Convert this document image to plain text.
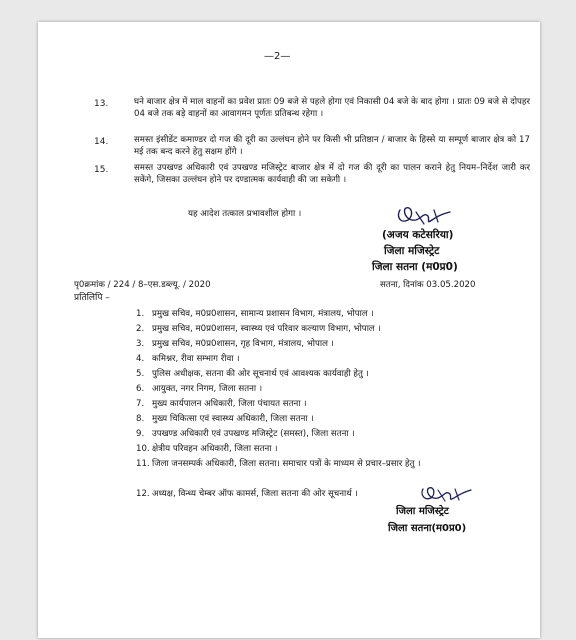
—2—
13.	घने बाजार क्षेत्र में माल वाहनों का प्रवेश प्रातः 09 बजे से पहले होगा एवं निकासी 04 बजे के बाद होगा । प्रातः 09 बजे से दोपहर 04 बजे तक बड़े वाहनों का आवागमन पूर्णतः प्रतिबन्ध रहेगा ।
14.	समस्त इंसीडेंट कमाण्डर दो गज की दूरी का उल्लंघन होने पर किसी भी प्रतिष्ठान / बाजार के हिस्से या सम्पूर्ण बाजार क्षेत्र को 17 मई तक बन्द करने हेतु सक्षम होंगे ।
15.	समस्त उपखण्ड अधिकारी एवं उपखण्ड मजिस्ट्रेट बाजार क्षेत्र में दो गज की दूरी का पालन कराने हेतु नियम–निर्देश जारी कर सकेंगे, जिसका उल्लंघन होने पर दण्डात्मक कार्यवाही की जा सकेगी ।
यह आदेश तत्काल प्रभावशील होगा ।
(अजय कटेसरिया)
जिला मजिस्ट्रेट
जिला सतना (म0प्र0)
पृ0क्रमांक / 224 / 8–एस.डब्ल्यू. / 2020	सतना, दिनांक 03.05.2020
प्रतिलिपि –
1. प्रमुख सचिव, म0प्र0शासन, सामान्य प्रशासन विभाग, मंत्रालय, भोपाल ।
2. प्रमुख सचिव, म0प्र0शासन, स्वास्थ्य एवं परिवार कल्याण विभाग, भोपाल ।
3. प्रमुख सचिव, म0प्र0शासन, गृह विभाग, मंत्रालय, भोपाल ।
4. कमिश्नर, रीवा सम्भाग रीवा ।
5. पुलिस अधीक्षक, सतना की ओर सूचनार्थ एवं आवश्यक कार्यवाही हेतु ।
6. आयुक्त, नगर निगम, जिला सतना ।
7. मुख्य कार्यपालन अधिकारी, जिला पंचायत सतना ।
8. मुख्य चिकित्सा एवं स्वास्थ्य अधिकारी, जिला सतना ।
9. उपखण्ड अधिकारी एवं उपखण्ड मजिस्ट्रेट (समस्त), जिला सतना ।
10. क्षेत्रीय परिवहन अधिकारी, जिला सतना ।
11. जिला जनसम्पर्क अधिकारी, जिला सतना। समाचार पत्रों के माध्यम से प्रचार–प्रसार हेतु ।
12. अध्यक्ष, विन्ध्य चेम्बर ऑफ कामर्स, जिला सतना की ओर सूचनार्थ ।
जिला मजिस्ट्रेट
जिला सतना(म0प्र0)
